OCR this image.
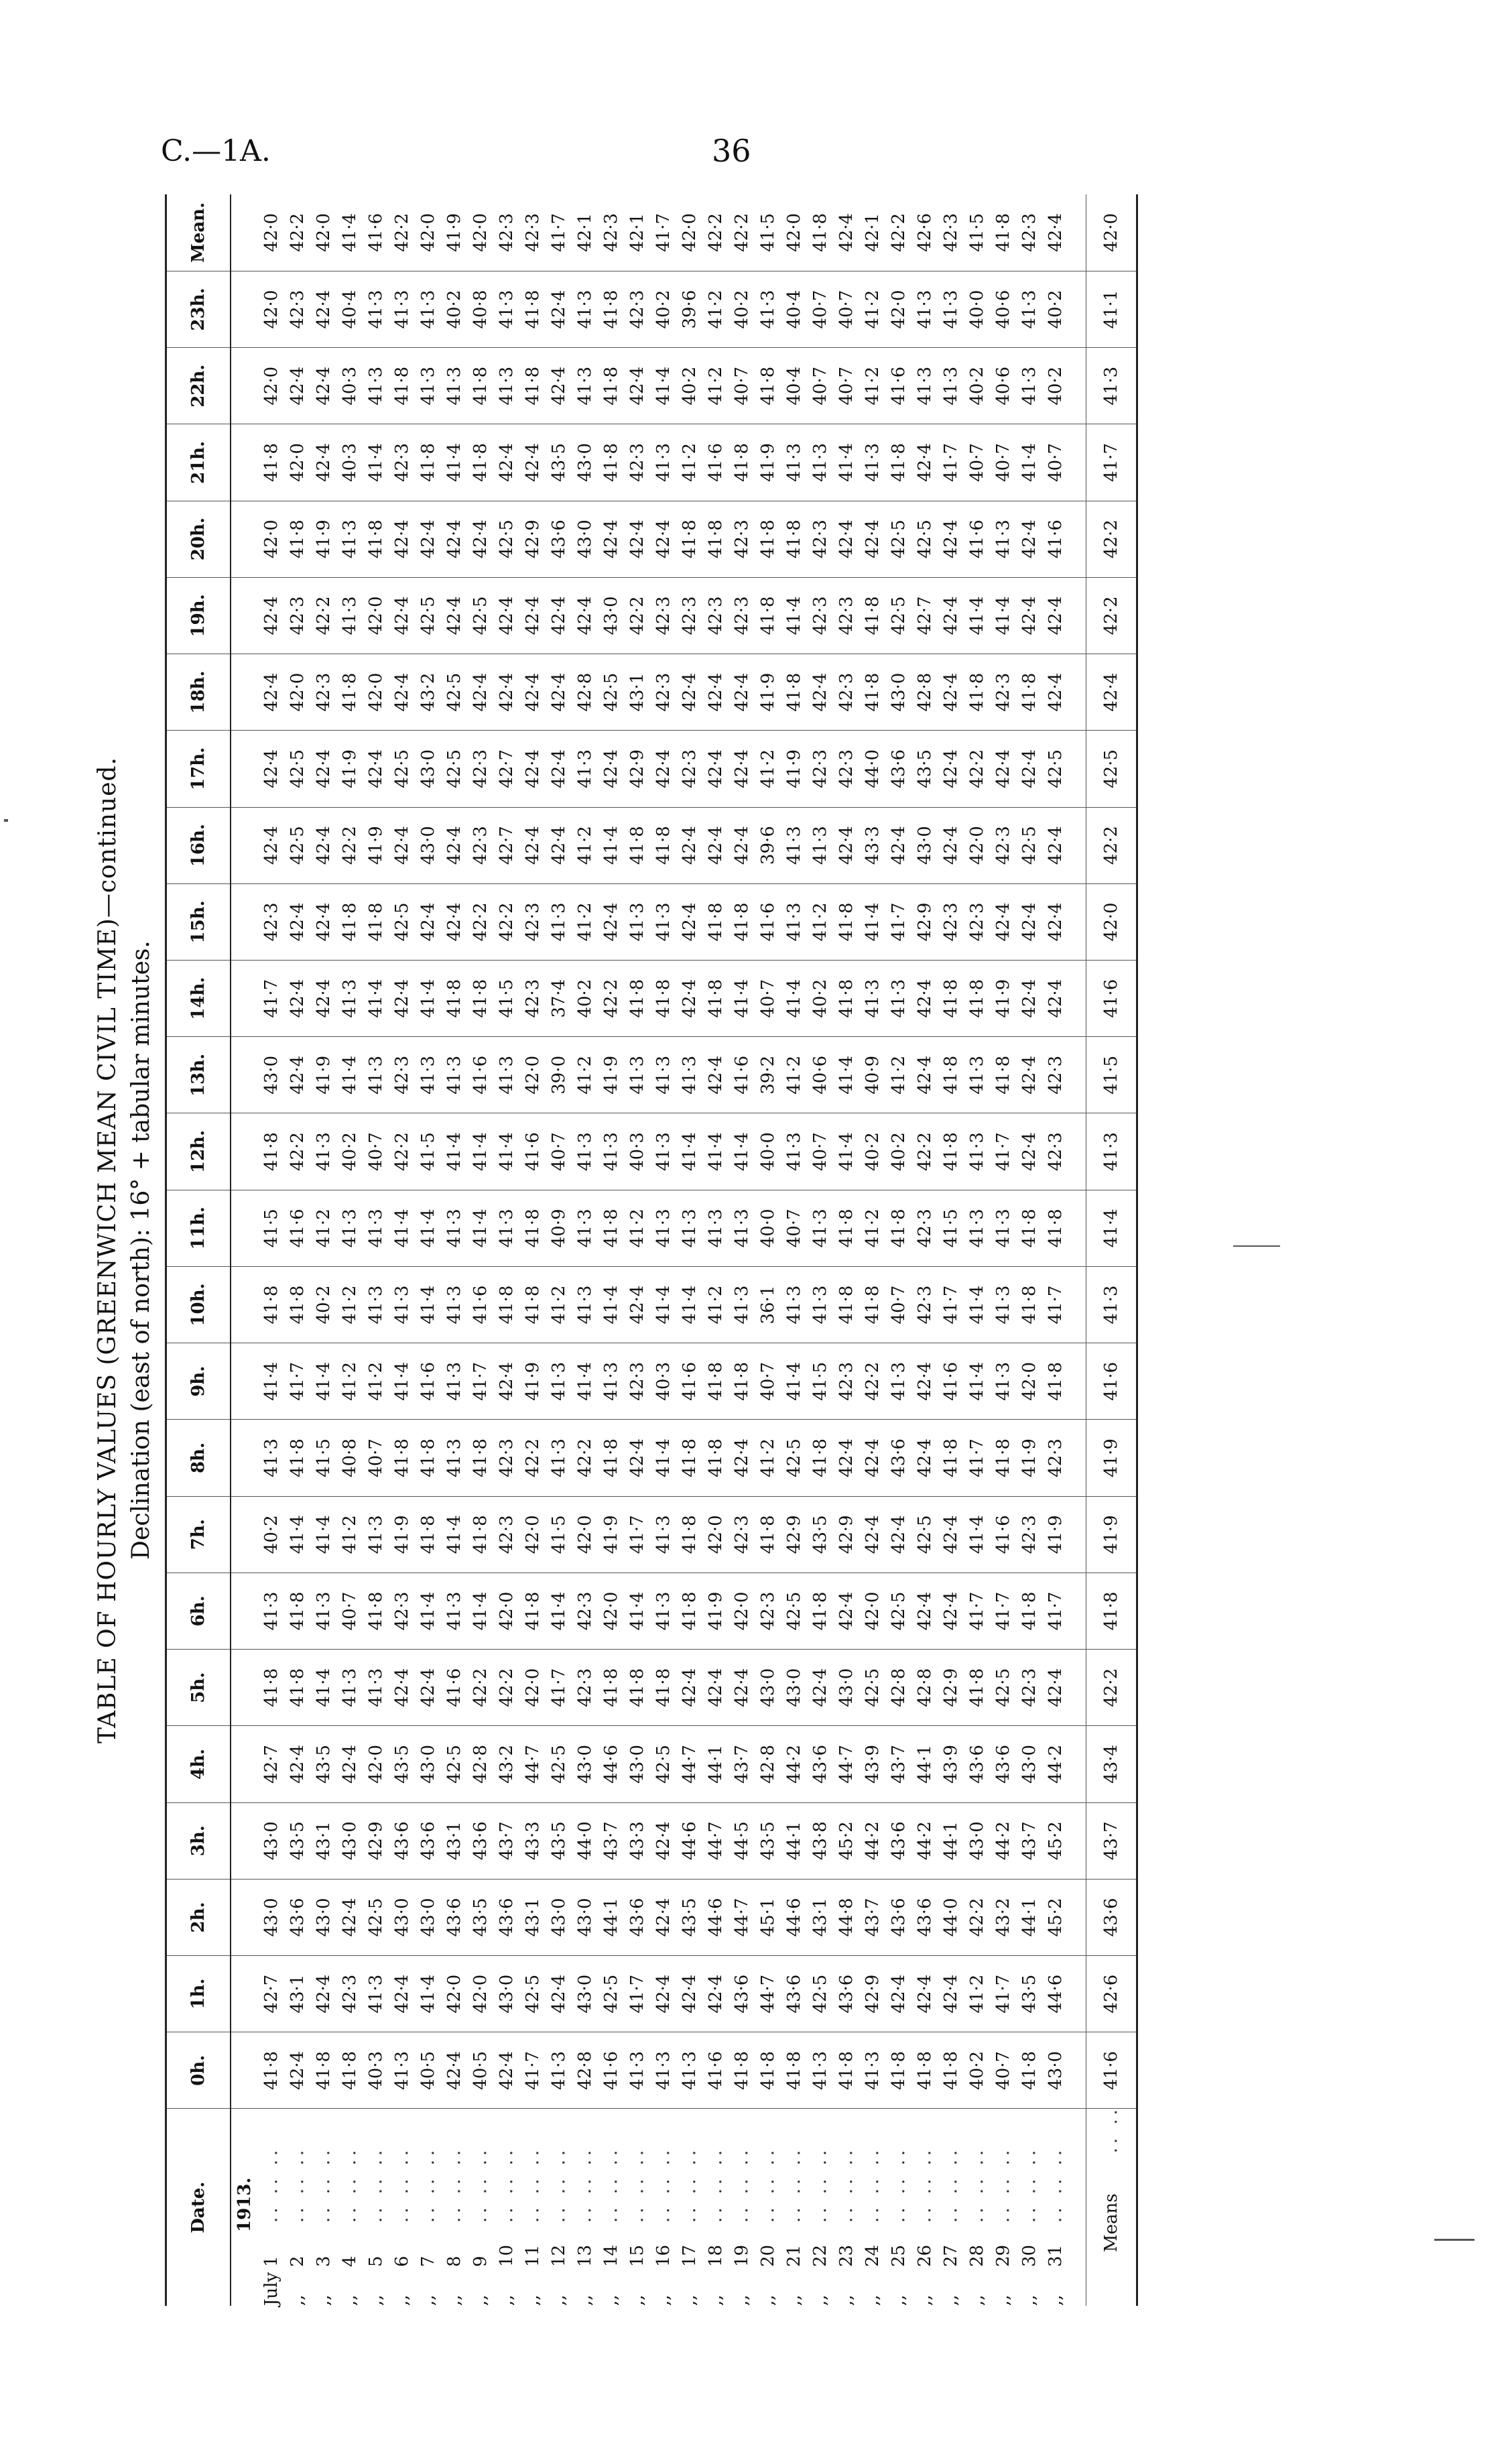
C.—1A.	36
TABLE OF HOURLY VALUES (GREENWICH MEAN CIVIL TIME)—continued. Declination (east of north): 16° + tabular minutes.
Date.	0h.	1h.	2h.	3h.	4h.	5h.	6h.	7h.	8h.	9h.	10h.	11h.	12h.	13h.	14h.	15h.	16h.	17h.	18h.	19h.	20h.	21h.	22h.	23h.	Mean.
1913.																									
July1.. .. ..	41·8	42·7	43·0	43·0	42·7	41·8	41·3	40·2	41·3	41·4	41·8	41·5	41·8	43·0	41·7	42·3	42·4	42·4	42·4	42·4	42·0	41·8	42·0	42·0	42·0
,,2.. .. ..	42·4	43·1	43·6	43·5	42·4	41·8	41·8	41·4	41·8	41·7	41·8	41·6	42·2	42·4	42·4	42·4	42·5	42·5	42·0	42·3	41·8	42·0	42·4	42·3	42·2
,,3.. .. ..	41·8	42·4	43·0	43·1	43·5	41·4	41·3	41·4	41·5	41·4	40·2	41·2	41·3	41·9	42·4	42·4	42·4	42·4	42·3	42·2	41·9	42·4	42·4	42·4	42·0
,,4.. .. ..	41·8	42·3	42·4	43·0	42·4	41·3	40·7	41·2	40·8	41·2	41·2	41·3	40·2	41·4	41·3	41·8	42·2	41·9	41·8	41·3	41·3	40·3	40·3	40·4	41·4
,,5.. .. ..	40·3	41·3	42·5	42·9	42·0	41·3	41·8	41·3	40·7	41·2	41·3	41·3	40·7	41·3	41·4	41·8	41·9	42·4	42·0	42·0	41·8	41·4	41·3	41·3	41·6
,,6.. .. ..	41·3	42·4	43·0	43·6	43·5	42·4	42·3	41·9	41·8	41·4	41·3	41·4	42·2	42·3	42·4	42·5	42·4	42·5	42·4	42·4	42·4	42·3	41·8	41·3	42·2
,,7.. .. ..	40·5	41·4	43·0	43·6	43·0	42·4	41·4	41·8	41·8	41·6	41·4	41·4	41·5	41·3	41·4	42·4	43·0	43·0	43·2	42·5	42·4	41·8	41·3	41·3	42·0
,,8.. .. ..	42·4	42·0	43·6	43·1	42·5	41·6	41·3	41·4	41·3	41·3	41·3	41·3	41·4	41·3	41·8	42·4	42·4	42·5	42·5	42·4	42·4	41·4	41·3	40·2	41·9
,,9.. .. ..	40·5	42·0	43·5	43·6	42·8	42·2	41·4	41·8	41·8	41·7	41·6	41·4	41·4	41·6	41·8	42·2	42·3	42·3	42·4	42·5	42·4	41·8	41·8	40·8	42·0
,,10.. .. ..	42·4	43·0	43·6	43·7	43·2	42·2	42·0	42·3	42·3	42·4	41·8	41·3	41·4	41·3	41·5	42·2	42·7	42·7	42·4	42·4	42·5	42·4	41·3	41·3	42·3
,,11.. .. ..	41·7	42·5	43·1	43·3	44·7	42·0	41·8	42·0	42·2	41·9	41·8	41·8	41·6	42·0	42·3	42·3	42·4	42·4	42·4	42·4	42·9	42·4	41·8	41·8	42·3
,,12.. .. ..	41·3	42·4	43·0	43·5	42·5	41·7	41·4	41·5	41·3	41·3	41·2	40·9	40·7	39·0	37·4	41·3	42·4	42·4	42·4	42·4	43·6	43·5	42·4	42·4	41·7
,,13.. .. ..	42·8	43·0	43·0	44·0	43·0	42·3	42·3	42·0	42·2	41·4	41·3	41·3	41·3	41·2	40·2	41·2	41·2	41·3	42·8	42·4	43·0	43·0	41·3	41·3	42·1
,,14.. .. ..	41·6	42·5	44·1	43·7	44·6	41·8	42·0	41·9	41·8	41·3	41·4	41·8	41·3	41·9	42·2	42·4	41·4	42·4	42·5	43·0	42·4	41·8	41·8	41·8	42·3
,,15.. .. ..	41·3	41·7	43·6	43·3	43·0	41·8	41·4	41·7	42·4	42·3	42·4	41·2	40·3	41·3	41·8	41·3	41·8	42·9	43·1	42·2	42·4	42·3	42·4	42·3	42·1
,,16.. .. ..	41·3	42·4	42·4	42·4	42·5	41·8	41·3	41·3	41·4	40·3	41·4	41·3	41·3	41·3	41·8	41·3	41·8	42·4	42·3	42·3	42·4	41·3	41·4	40·2	41·7
,,17.. .. ..	41·3	42·4	43·5	44·6	44·7	42·4	41·8	41·8	41·8	41·6	41·4	41·3	41·4	41·3	42·4	42·4	42·4	42·3	42·4	42·3	41·8	41·2	40·2	39·6	42·0
,,18.. .. ..	41·6	42·4	44·6	44·7	44·1	42·4	41·9	42·0	41·8	41·8	41·2	41·3	41·4	42·4	41·8	41·8	42·4	42·4	42·4	42·3	41·8	41·6	41·2	41·2	42·2
,,19.. .. ..	41·8	43·6	44·7	44·5	43·7	42·4	42·0	42·3	42·4	41·8	41·3	41·3	41·4	41·6	41·4	41·8	42·4	42·4	42·4	42·3	42·3	41·8	40·7	40·2	42·2
,,20.. .. ..	41·8	44·7	45·1	43·5	42·8	43·0	42·3	41·8	41·2	40·7	36·1	40·0	40·0	39·2	40·7	41·6	39·6	41·2	41·9	41·8	41·8	41·9	41·8	41·3	41·5
,,21.. .. ..	41·8	43·6	44·6	44·1	44·2	43·0	42·5	42·9	42·5	41·4	41·3	40·7	41·3	41·2	41·4	41·3	41·3	41·9	41·8	41·4	41·8	41·3	40·4	40·4	42·0
,,22.. .. ..	41·3	42·5	43·1	43·8	43·6	42·4	41·8	43·5	41·8	41·5	41·3	41·3	40·7	40·6	40·2	41·2	41·3	42·3	42·4	42·3	42·3	41·3	40·7	40·7	41·8
,,23.. .. ..	41·8	43·6	44·8	45·2	44·7	43·0	42·4	42·9	42·4	42·3	41·8	41·8	41·4	41·4	41·8	41·8	42·4	42·3	42·3	42·3	42·4	41·4	40·7	40·7	42·4
,,24.. .. ..	41·3	42·9	43·7	44·2	43·9	42·5	42·0	42·4	42·4	42·2	41·8	41·2	40·2	40·9	41·3	41·4	43·3	44·0	41·8	41·8	42·4	41·3	41·2	41·2	42·1
,,25.. .. ..	41·8	42·4	43·6	43·6	43·7	42·8	42·5	42·4	43·6	41·3	40·7	41·8	40·2	41·2	41·3	41·7	42·4	43·6	43·0	42·5	42·5	41·8	41·6	42·0	42·2
,,26.. .. ..	41·8	42·4	43·6	44·2	44·1	42·8	42·4	42·5	42·4	42·4	42·3	42·3	42·2	42·4	42·4	42·9	43·0	43·5	42·8	42·7	42·5	42·4	41·3	41·3	42·6
,,27.. .. ..	41·8	42·4	44·0	44·1	43·9	42·9	42·4	42·4	41·8	41·6	41·7	41·5	41·8	41·8	41·8	42·3	42·4	42·4	42·4	42·4	42·4	41·7	41·3	41·3	42·3
,,28.. .. ..	40·2	41·2	42·2	43·0	43·6	41·8	41·7	41·4	41·7	41·4	41·4	41·3	41·3	41·3	41·8	42·3	42·0	42·2	41·8	41·4	41·6	40·7	40·2	40·0	41·5
,,29.. .. ..	40·7	41·7	43·2	44·2	43·6	42·5	41·7	41·6	41·8	41·3	41·3	41·3	41·7	41·8	41·9	42·4	42·3	42·4	42·3	41·4	41·3	40·7	40·6	40·6	41·8
,,30.. .. ..	41·8	43·5	44·1	43·7	43·0	42·3	41·8	42·3	41·9	42·0	41·8	41·8	42·4	42·4	42·4	42·4	42·5	42·4	41·8	42·4	42·4	41·4	41·3	41·3	42·3
,,31.. .. ..	43·0	44·6	45·2	45·2	44·2	42·4	41·7	41·9	42·3	41·8	41·7	41·8	42·3	42·3	42·4	42·4	42·4	42·5	42·4	42·4	41·6	40·7	40·2	40·2	42·4

Means.. ..	41·6	42·6	43·6	43·7	43·4	42·2	41·8	41·9	41·9	41·6	41·3	41·4	41·3	41·5	41·6	42·0	42·2	42·5	42·4	42·2	42·2	41·7	41·3	41·1	42·0
